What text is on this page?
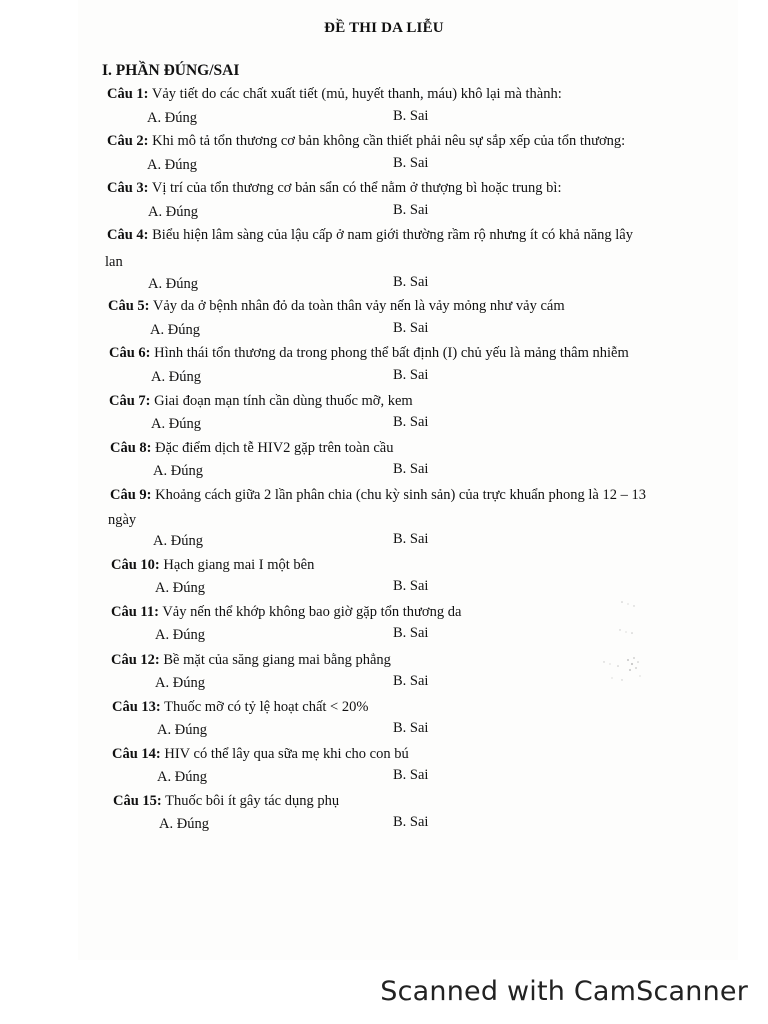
ĐỀ THI DA LIỄU
I. PHẦN ĐÚNG/SAI
Câu 1: Vảy tiết do các chất xuất tiết (mủ, huyết thanh, máu) khô lại mà thành:
A. Đúng	B. Sai
Câu 2: Khi mô tả tổn thương cơ bản không cần thiết phải nêu sự sắp xếp của tổn thương:
A. Đúng	B. Sai
Câu 3: Vị trí của tổn thương cơ bản sẩn có thể nằm ở thượng bì hoặc trung bì:
A. Đúng	B. Sai
Câu 4: Biểu hiện lâm sàng của lậu cấp ở nam giới thường rầm rộ nhưng ít có khả năng lây
lan
A. Đúng	B. Sai
Câu 5: Vảy da ở bệnh nhân đỏ da toàn thân vảy nến là vảy mỏng như vảy cám
A. Đúng	B. Sai
Câu 6: Hình thái tổn thương da trong phong thể bất định (I) chủ yếu là mảng thâm nhiễm
A. Đúng	B. Sai
Câu 7: Giai đoạn mạn tính cần dùng thuốc mỡ, kem
A. Đúng	B. Sai
Câu 8: Đặc điểm dịch tễ HIV2 gặp trên toàn cầu
A. Đúng	B. Sai
Câu 9: Khoảng cách giữa 2 lần phân chia (chu kỳ sinh sản) của trực khuẩn phong là 12 – 13
ngày
A. Đúng	B. Sai
Câu 10: Hạch giang mai I một bên
A. Đúng	B. Sai
Câu 11: Vảy nến thể khớp không bao giờ gặp tổn thương da
A. Đúng	B. Sai
Câu 12: Bề mặt của săng giang mai bằng phẳng
A. Đúng	B. Sai
Câu 13: Thuốc mỡ có tỷ lệ hoạt chất < 20%
A. Đúng	B. Sai
Câu 14: HIV có thể lây qua sữa mẹ khi cho con bú
A. Đúng	B. Sai
Câu 15: Thuốc bôi ít gây tác dụng phụ
A. Đúng	B. Sai
Scanned with CamScanner
